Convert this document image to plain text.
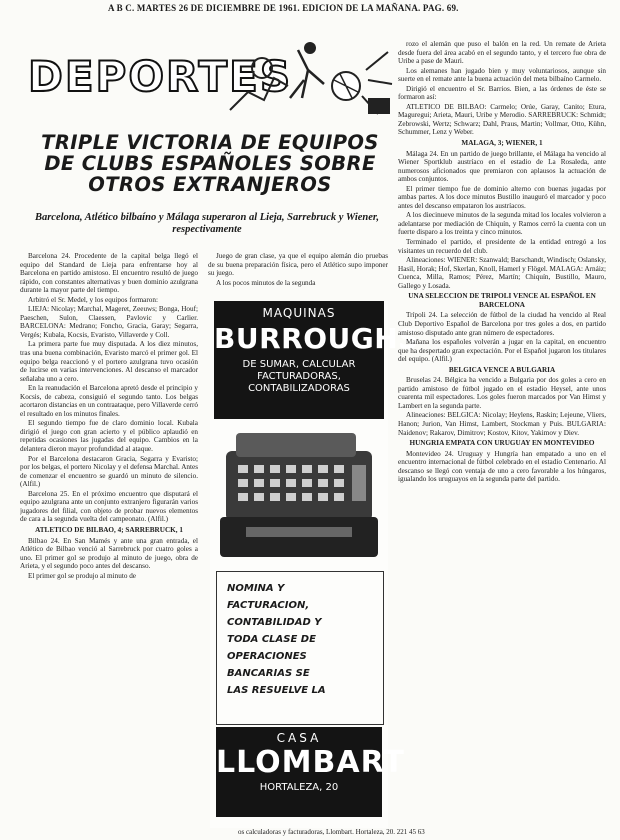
A B C. MARTES 26 DE DICIEMBRE DE 1961. EDICION DE LA MAÑANA. PAG. 69.
DEPORTES
TRIPLE VICTORIA DE EQUIPOS
DE CLUBS ESPAÑOLES SOBRE
OTROS EXTRANJEROS
Barcelona, Atlético bilbaíno y Málaga superaron al Lieja, Sarrebruck y Wiener, respectivamente

Barcelona 24. Procedente de la capital belga llegó el equipo del Standard de Lieja para enfrentarse hoy al Barcelona en partido amistoso. El encuentro resultó de juego rápido, con constantes alternativas y buen dominio azulgrana durante la mayor parte del tiempo.

Arbitró el Sr. Medel, y los equipos formaron:

LIEJA: Nicolay; Marchal, Mageret, Zeeuws; Bonga, Houf; Paeschen, Sulon, Claessen, Pavlovic y Carlier. BARCELONA: Medrano; Foncho, Gracia, Garay; Segarra, Vergés; Kubala, Kocsis, Evaristo, Villaverde y Coll.

La primera parte fue muy disputada. A los diez minutos, tras una buena combinación, Evaristo marcó el primer gol. El equipo belga reaccionó y el portero azulgrana tuvo ocasión de lucirse en varias intervenciones. Al descanso el marcador señalaba uno a cero.

En la reanudación el Barcelona apretó desde el principio y Kocsis, de cabeza, consiguió el segundo tanto. Los belgas acortaron distancias en un contraataque, pero Villaverde cerró el resultado en los minutos finales.

El segundo tiempo fue de claro dominio local. Kubala dirigió el juego con gran acierto y el público aplaudió en repetidas ocasiones las jugadas del equipo. Cambios en la delantera dieron mayor profundidad al ataque.

Por el Barcelona destacaron Gracia, Segarra y Evaristo; por los belgas, el portero Nicolay y el defensa Marchal. Antes de comenzar el encuentro se guardó un minuto de silencio. (Alfil.)

Barcelona 25. En el próximo encuentro que disputará el equipo azulgrana ante un conjunto extranjero figurarán varios jugadores del filial, con objeto de probar nuevos elementos de cara a la segunda vuelta del campeonato. (Alfil.)

ATLETICO DE BILBAO, 4; SARREBRUCK, 1

Bilbao 24. En San Mamés y ante una gran entrada, el Atlético de Bilbao venció al Sarrebruck por cuatro goles a uno. El primer gol se produjo al minuto de juego, obra de Arieta, y el segundo poco antes del descanso.

El primer gol se produjo al minuto de

Juego de gran clase, ya que el equipo alemán dio pruebas de su buena preparación física, pero el Atlético supo imponer su juego.

A los pocos minutos de la segunda

MAQUINAS
BURROUGHS
DE SUMAR, CALCULAR
FACTURADORAS,
CONTABILIZADORAS
NOMINA Y FACTURACION,
CONTABILIDAD Y
TODA CLASE DE
OPERACIONES
BANCARIAS SE
LAS RESUELVE LA
CASA
LLOMBART
HORTALEZA, 20
os calculadoras y facturadoras, Llombart. Hortaleza, 20. 221 45 63

rozo el alemán que puso el balón en la red. Un remate de Arieta desde fuera del área acabó en el segundo tanto, y el tercero fue obra de Uribe a pase de Mauri.

Los alemanes han jugado bien y muy voluntariosos, aunque sin suerte en el remate ante la buena actuación del meta bilbaíno Carmelo.

Dirigió el encuentro el Sr. Barrios. Bien, a las órdenes de éste se formaron así:

ATLETICO DE BILBAO: Carmelo; Orúe, Garay, Canito; Etura, Maguregui; Arieta, Mauri, Uribe y Merodio. SARREBRUCK: Schmidt; Zebrowski, Wertz; Schwarz; Dahl, Praus, Martin; Vollmar, Otto, Kühn, Schummer, Lenz y Weber.

MALAGA, 3; WIENER, 1

Málaga 24. En un partido de juego brillante, el Málaga ha vencido al Wiener Sportklub austríaco en el estadio de La Rosaleda, ante numerosos aficionados que premiaron con aplausos la actuación de ambos conjuntos.

El primer tiempo fue de dominio alterno con buenas jugadas por ambas partes. A los doce minutos Bustillo inauguró el marcador y poco antes del descanso empataron los austríacos.

A los diecinueve minutos de la segunda mitad los locales volvieron a adelantarse por mediación de Chiquín, y Ramos cerró la cuenta con un fuerte disparo a los treinta y cinco minutos.

Terminado el partido, el presidente de la entidad entregó a los visitantes un recuerdo del club.

Alineaciones: WIENER: Szanwald; Barschandt, Windisch; Oslansky, Hasil, Horak; Hof, Skerlan, Knoll, Hamerl y Flögel. MALAGA: Arnáiz; Cuenca, Milla, Ramos; Pérez, Martín; Chiquín, Bustillo, Mauro, Gallego y Losada.

UNA SELECCION DE TRIPOLI VENCE AL ESPAÑOL EN BARCELONA

Trípoli 24. La selección de fútbol de la ciudad ha vencido al Real Club Deportivo Español de Barcelona por tres goles a dos, en partido amistoso disputado ante gran número de espectadores.

Mañana los españoles volverán a jugar en la capital, en encuentro que ha despertado gran expectación. Por el Español jugaron los titulares del equipo. (Alfil.)

BELGICA VENCE A BULGARIA

Bruselas 24. Bélgica ha vencido a Bulgaria por dos goles a cero en partido amistoso de fútbol jugado en el estadio Heysel, ante unos cuarenta mil espectadores. Los goles fueron marcados por Van Himst y Lambert en la segunda parte.

Alineaciones: BELGICA: Nicolay; Heylens, Raskin; Lejeune, Vliers, Hanon; Jurion, Van Himst, Lambert, Stockman y Puis. BULGARIA: Naidenov; Rakarov, Dimitrov; Kostov, Kitov, Yakimov y Diev.

HUNGRIA EMPATA CON URUGUAY EN MONTEVIDEO

Montevideo 24. Uruguay y Hungría han empatado a uno en el encuentro internacional de fútbol celebrado en el estadio Centenario. Al descanso se llegó con ventaja de uno a cero favorable a los húngaros, igualando los uruguayos en la segunda parte del partido.
